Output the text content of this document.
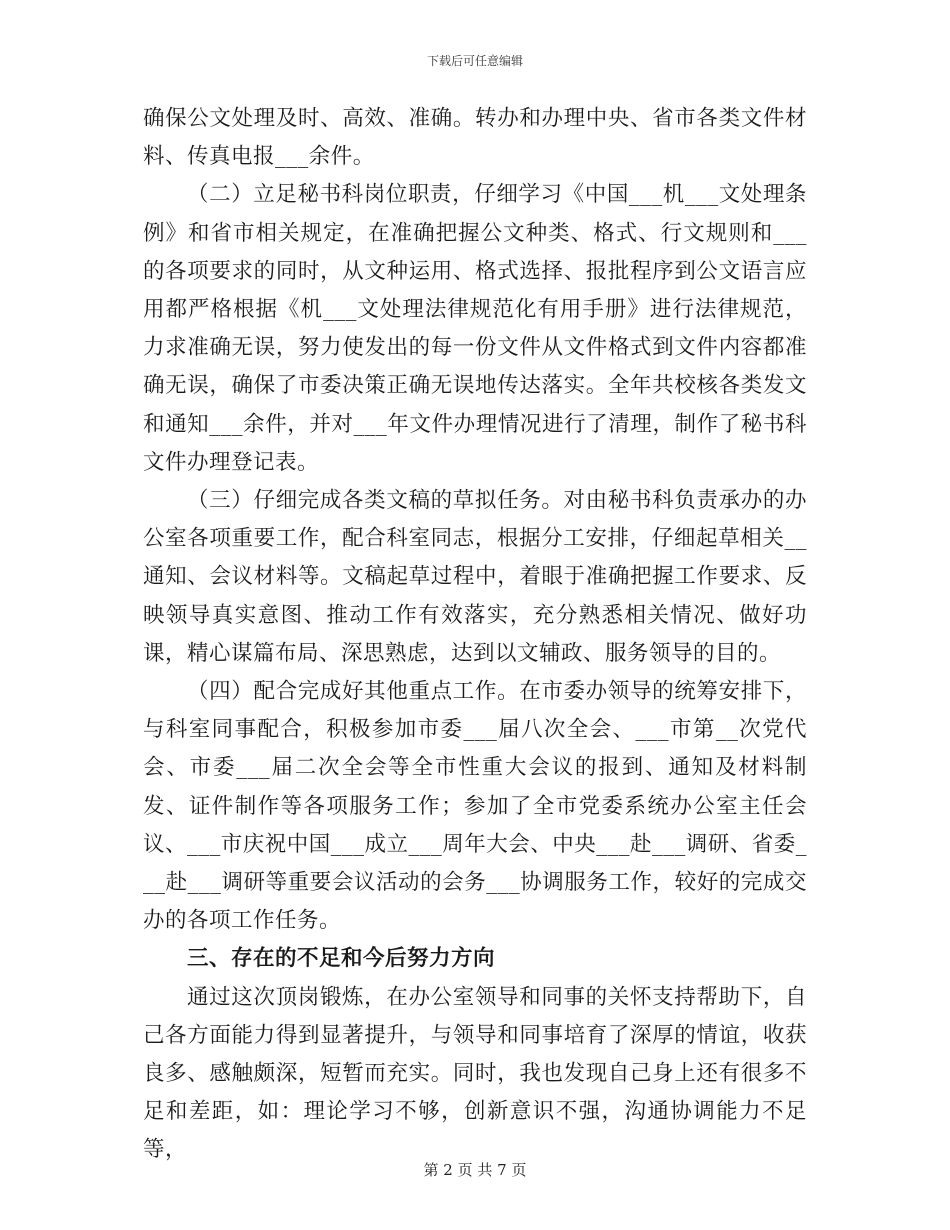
下载后可任意编辑

确保公文处理及时、高效、准确。转办和办理中央、省市各类文件材料、传真电报___余件。

（二）立足秘书科岗位职责，仔细学习《中国___机___文处理条例》和省市相关规定，在准确把握公文种类、格式、行文规则和___的各项要求的同时，从文种运用、格式选择、报批程序到公文语言应用都严格根据《机___文处理法律规范化有用手册》进行法律规范，力求准确无误，努力使发出的每一份文件从文件格式到文件内容都准确无误，确保了市委决策正确无误地传达落实。全年共校核各类发文和通知___余件，并对___年文件办理情况进行了清理，制作了秘书科文件办理登记表。

（三）仔细完成各类文稿的草拟任务。对由秘书科负责承办的办公室各项重要工作，配合科室同志，根据分工安排，仔细起草相关__通知、会议材料等。文稿起草过程中，着眼于准确把握工作要求、反映领导真实意图、推动工作有效落实，充分熟悉相关情况、做好功课，精心谋篇布局、深思熟虑，达到以文辅政、服务领导的目的。

（四）配合完成好其他重点工作。在市委办领导的统筹安排下，与科室同事配合，积极参加市委___届八次全会、___市第__次党代会、市委___届二次全会等全市性重大会议的报到、通知及材料制发、证件制作等各项服务工作；参加了全市党委系统办公室主任会议、___市庆祝中国___成立___周年大会、中央___赴___调研、省委___赴___调研等重要会议活动的会务___协调服务工作，较好的完成交办的各项工作任务。

三、存在的不足和今后努力方向

通过这次顶岗锻炼，在办公室领导和同事的关怀支持帮助下，自己各方面能力得到显著提升，与领导和同事培育了深厚的情谊，收获良多、感触颇深，短暂而充实。同时，我也发现自己身上还有很多不足和差距，如：理论学习不够，创新意识不强，沟通协调能力不足等，

第 2 页 共 7 页
